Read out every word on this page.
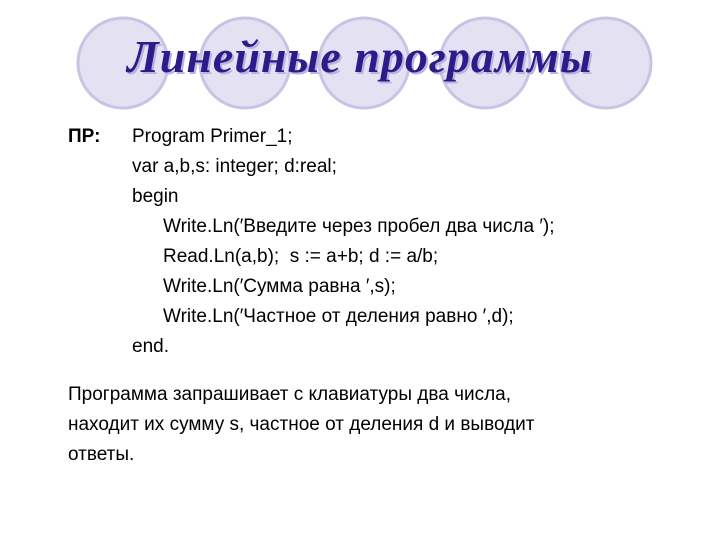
Линейные программы
ПР: Program Primer_1;
var a,b,s: integer; d:real;
begin
Write.Ln(′Введите через пробел два числа ′);
Read.Ln(a,b);  s := a+b; d := a/b;
Write.Ln(′Сумма равна ′,s);
Write.Ln(′Частное от деления равно ′,d);
end.
Программа запрашивает с клавиатуры два числа,
находит их сумму s, частное от деления d и выводит
ответы.
